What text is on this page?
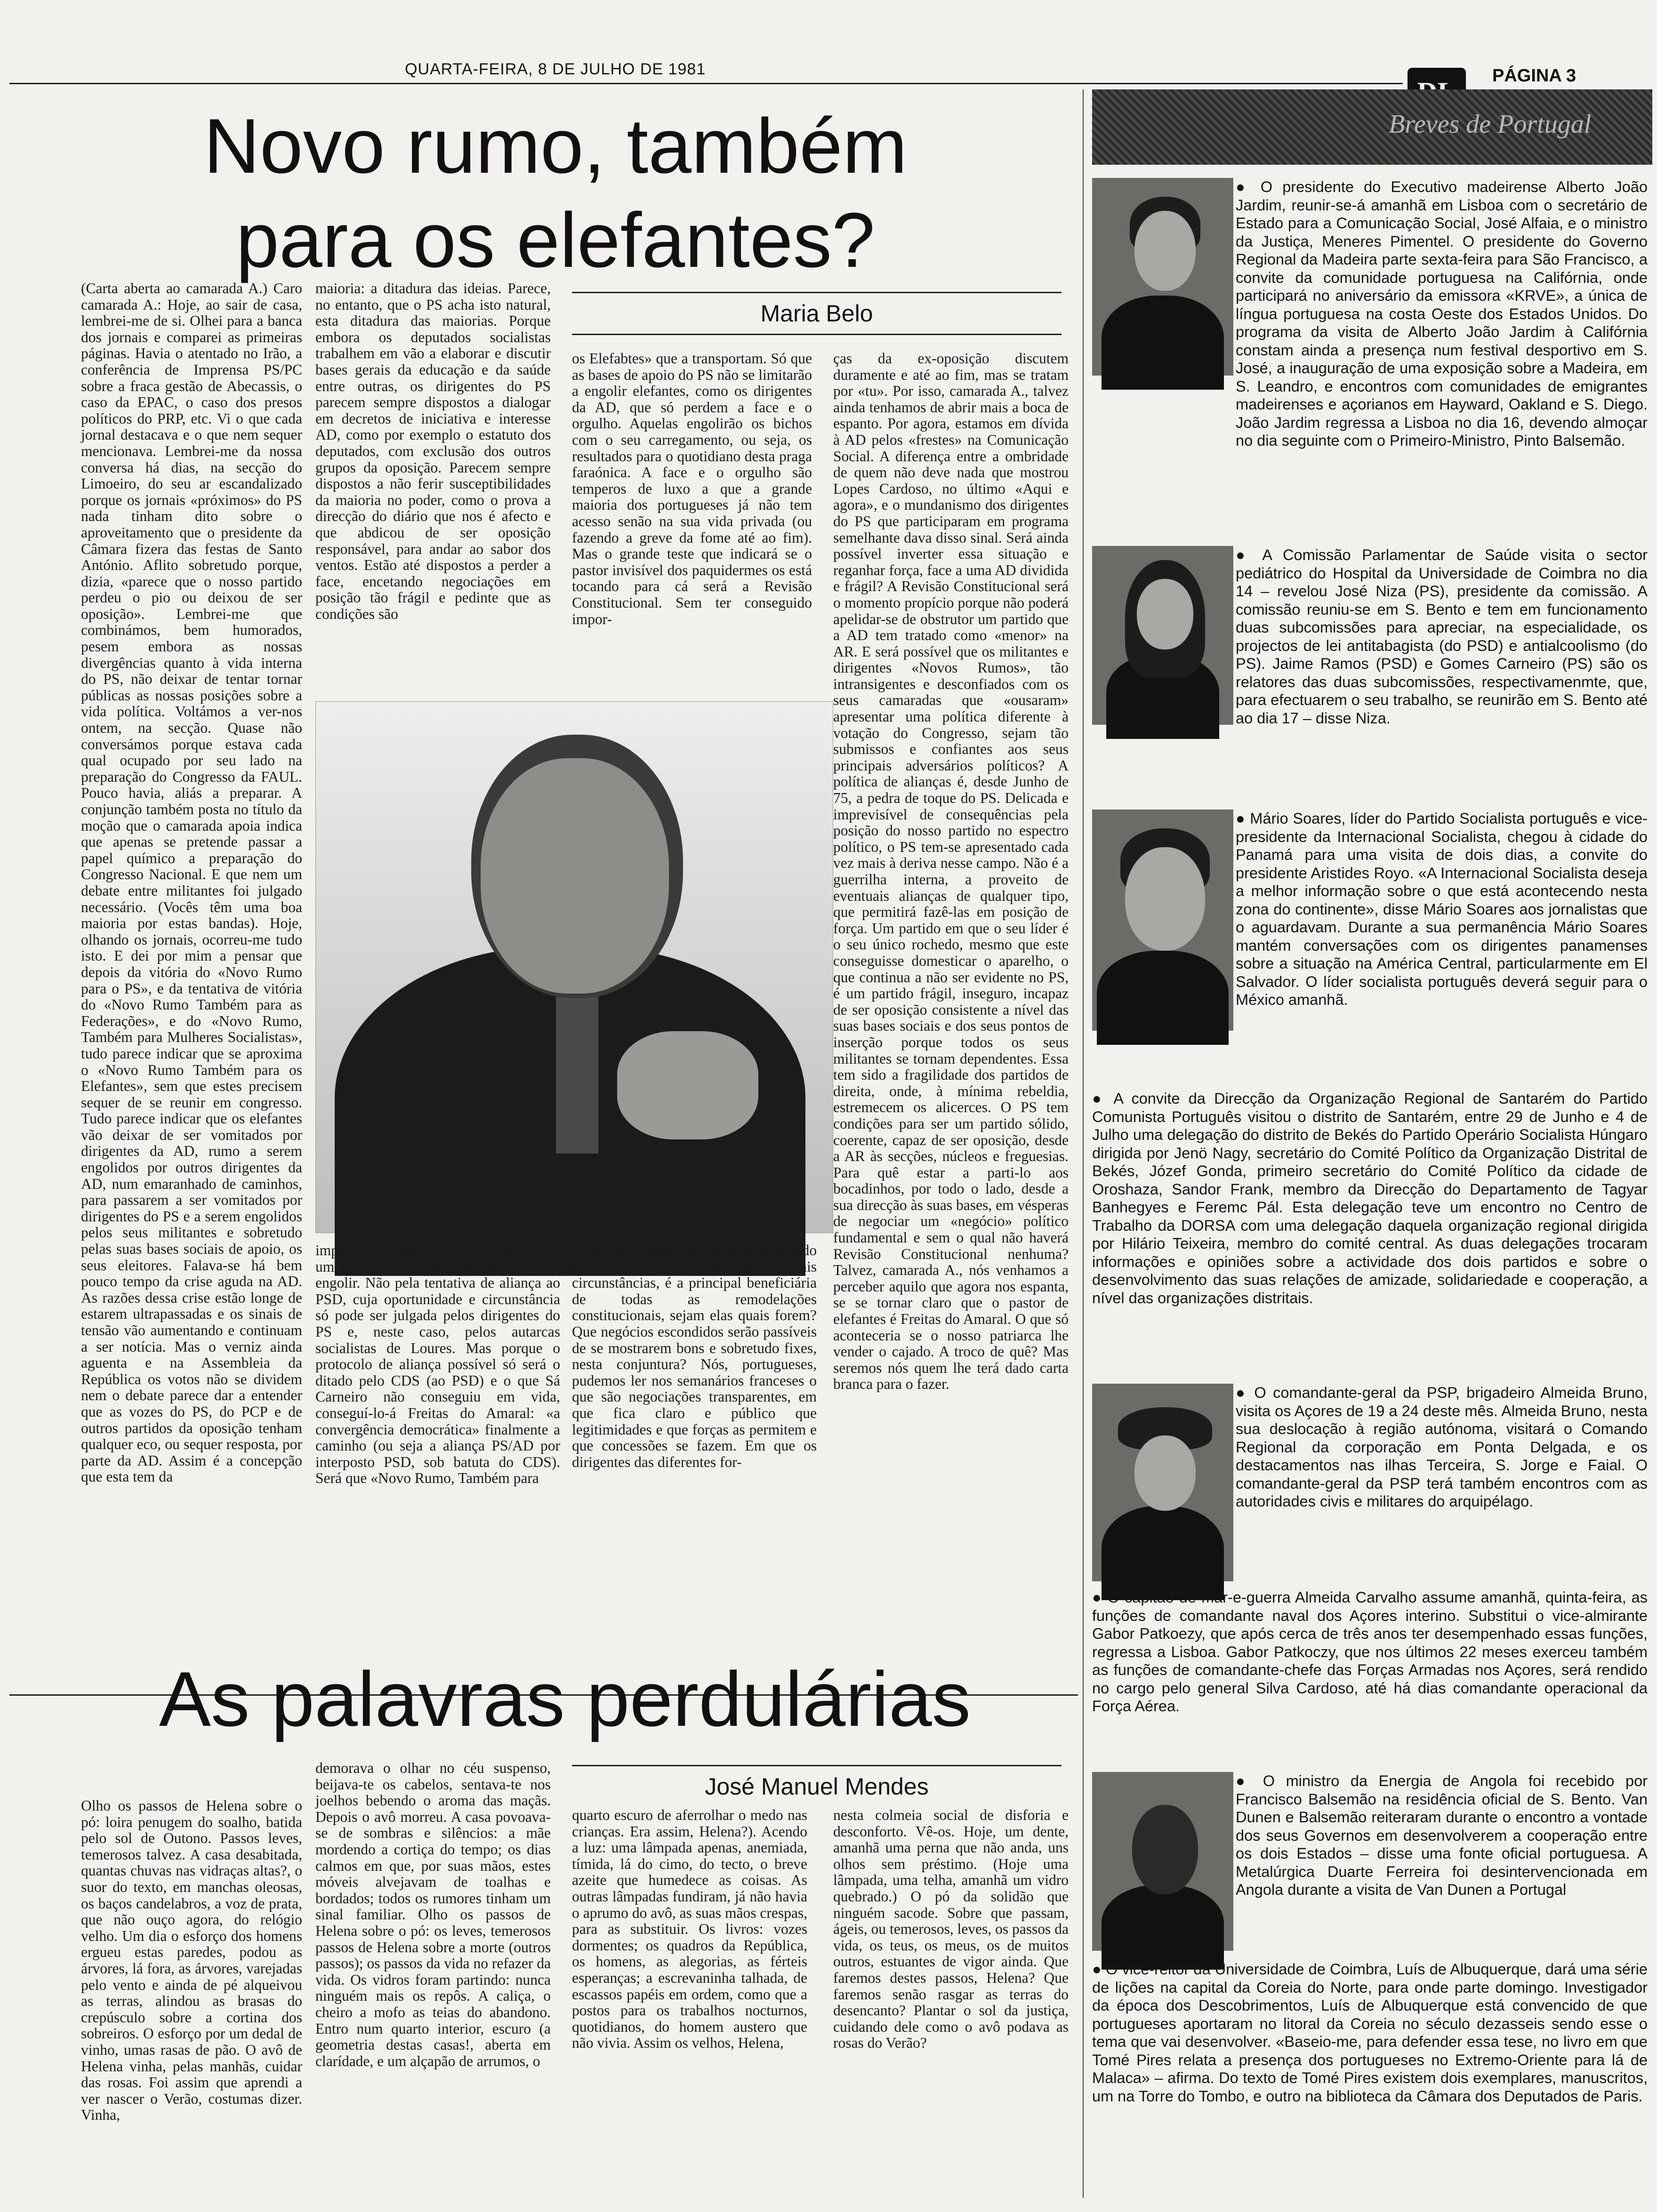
QUARTA-FEIRA, 8 DE JULHO DE 1981	PÁGINA 3
Novo rumo, também
para os elefantes?
Maria Belo

(Carta aberta ao camarada A.) Caro camarada A.: Hoje, ao sair de casa, lembrei-me de si. Olhei para a banca dos jornais e comparei as primeiras páginas. Havia o atentado no Irão, a conferência de Imprensa PS/PC sobre a fraca gestão de Abecassis, o caso da EPAC, o caso dos presos políticos do PRP, etc. Vi o que cada jornal destacava e o que nem sequer mencionava. Lembrei-me da nossa conversa há dias, na secção do Limoeiro, do seu ar escandalizado porque os jornais «próximos» do PS nada tinham dito sobre o aproveitamento que o presidente da Câmara fizera das festas de Santo António. Aflito sobretudo porque, dizia, «parece que o nosso partido perdeu o pio ou deixou de ser oposição». Lembrei-me que combinámos, bem humorados, pesem embora as nossas divergências quanto à vida interna do PS, não deixar de tentar tornar públicas as nossas posições sobre a vida política. Voltámos a ver-nos ontem, na secção. Quase não conversámos porque estava cada qual ocupado por seu lado na preparação do Congresso da FAUL. Pouco havia, aliás a preparar. A conjunção também posta no título da moção que o camarada apoia indica que apenas se pretende passar a papel químico a preparação do Congresso Nacional. E que nem um debate entre militantes foi julgado necessário. (Vocês têm uma boa maioria por estas bandas). Hoje, olhando os jornais, ocorreu-me tudo isto. E dei por mim a pensar que depois da vitória do «Novo Rumo para o PS», e da tentativa de vitória do «Novo Rumo Também para as Federações», e do «Novo Rumo, Também para Mulheres Socialistas», tudo parece indicar que se aproxima o «Novo Rumo Também para os Elefantes», sem que estes precisem sequer de se reunir em congresso. Tudo parece indicar que os elefantes vão deixar de ser vomitados por dirigentes da AD, rumo a serem engolidos por outros dirigentes da AD, num emaranhado de caminhos, para passarem a ser vomitados por dirigentes do PS e a serem engolidos pelos seus militantes e sobretudo pelas suas bases sociais de apoio, os seus eleitores. Falava-se há bem pouco tempo da crise aguda na AD. As razões dessa crise estão longe de estarem ultrapassadas e os sinais de tensão vão aumentando e continuam a ser notícia. Mas o verniz ainda aguenta e na Assembleia da República os votos não se dividem nem o debate parece dar a entender que as vozes do PS, do PCP e de outros partidos da oposição tenham qualquer eco, ou sequer resposta, por parte da AD. Assim é a concepção que esta tem da

maioria: a ditadura das ideias. Parece, no entanto, que o PS acha isto natural, esta ditadura das maiorias. Porque embora os deputados socialistas trabalhem em vão a elaborar e discutir bases gerais da educação e da saúde entre outras, os dirigentes do PS parecem sempre dispostos a dialogar em decretos de iniciativa e interesse AD, como por exemplo o estatuto dos deputados, com exclusão dos outros grupos da oposição. Parecem sempre dispostos a não ferir susceptibilidades da maioria no poder, como o prova a direcção do diário que nos é afecto e que abdicou de ser oposição responsável, para andar ao sabor dos ventos. Estão até dispostos a perder a face, encetando negociações em posição tão frágil e pedinte que as condições são

os Elefabtes» que a transportam. Só que as bases de apoio do PS não se limitarão a engolir elefantes, como os dirigentes da AD, que só perdem a face e o orgulho. Aquelas engolirão os bichos com o seu carregamento, ou seja, os resultados para o quotidiano desta praga faraónica. A face e o orgulho são temperos de luxo a que a grande maioria dos portugueses já não tem acesso senão na sua vida privada (ou fazendo a greve da fome até ao fim). Mas o grande teste que indicará se o pastor invisível dos paquidermes os está tocando para cá será a Revisão Constitucional. Sem ter conseguido impor-

ças da ex-oposição discutem duramente e até ao fim, mas se tratam por «tu». Por isso, camarada A., talvez ainda tenhamos de abrir mais a boca de espanto. Por agora, estamos em dívida à AD pelos «frestes» na Comunicação Social. A diferença entre a ombridade de quem não deve nada que mostrou Lopes Cardoso, no último «Aqui e agora», e o mundanismo dos dirigentes do PS que participaram em programa semelhante dava disso sinal. Será ainda possível inverter essa situação e reganhar força, face a uma AD dividida e frágil? A Revisão Constitucional será o momento propício porque não poderá apelidar-se de obstrutor um partido que a AD tem tratado como «menor» na AR. E será possível que os militantes e dirigentes «Novos Rumos», tão intransigentes e desconfiados com os seus camaradas que «ousaram» apresentar uma política diferente à votação do Congresso, sejam tão submissos e confiantes aos seus principais adversários políticos? A política de alianças é, desde Junho de 75, a pedra de toque do PS. Delicada e imprevisível de consequências pela posição do nosso partido no espectro político, o PS tem-se apresentado cada vez mais à deriva nesse campo. Não é a guerrilha interna, a proveito de eventuais alianças de qualquer tipo, que permitirá fazê-las em posição de força. Um partido em que o seu líder é o seu único rochedo, mesmo que este conseguisse domesticar o aparelho, o que continua a não ser evidente no PS, é um partido frágil, inseguro, incapaz de ser oposição consistente a nível das suas bases sociais e dos seus pontos de inserção porque todos os seus militantes se tornam dependentes. Essa tem sido a fragilidade dos partidos de direita, onde, à mínima rebeldia, estremecem os alicerces. O PS tem condições para ser um partido sólido, coerente, capaz de ser oposição, desde a AR às secções, núcleos e freguesias. Para quê estar a parti-lo aos bocadinhos, por todo o lado, desde a sua direcção às suas bases, em vésperas de negociar um «negócio» político fundamental e sem o qual não haverá Revisão Constitucional nenhuma? Talvez, camarada A., nós venhamos a perceber aquilo que agora nos espanta, se se tornar claro que o pastor de elefantes é Freitas do Amaral. O que só aconteceria se o nosso patriarca lhe vender o cajado. A troco de quê? Mas seremos nós quem lhe terá dado carta branca para o fazer.

impostas pelo adversário. Louros será um dos primeiros elefantes que vamos engolir. Não pela tentativa de aliança ao PSD, cuja oportunidade e circunstância só pode ser julgada pelos dirigentes do PS e, neste caso, pelos autarcas socialistas de Loures. Mas porque o protocolo de aliança possível só será o ditado pelo CDS (ao PSD) e o que Sá Carneiro não conseguiu em vida, conseguí-lo-á Freitas do Amaral: «a convergência democrática» finalmente a caminho (ou seja a aliança PS/AD por interposto PSD, sob batuta do CDS). Será que «Novo Rumo, Também para

-se, até agora, à AD irão os dirigentes do PS negociar com ela, que, nas actuais circunstâncias, é a principal beneficiária de todas as remodelações constitucionais, sejam elas quais forem? Que negócios escondidos serão passíveis de se mostrarem bons e sobretudo fixes, nesta conjuntura? Nós, portugueses, pudemos ler nos semanários franceses o que são negociações transparentes, em que fica claro e público que legitimidades e que forças as permitem e que concessões se fazem. Em que os dirigentes das diferentes for-

As palavras perdulárias
José Manuel Mendes

Olho os passos de Helena sobre o pó: loira penugem do soalho, batida pelo sol de Outono. Passos leves, temerosos talvez. A casa desabitada, quantas chuvas nas vidraças altas?, o suor do texto, em manchas oleosas, os baços candelabros, a voz de prata, que não ouço agora, do relógio velho. Um dia o esforço dos homens ergueu estas paredes, podou as árvores, lá fora, as árvores, varejadas pelo vento e ainda de pé alqueivou as terras, alindou as brasas do crepúsculo sobre a cortina dos sobreiros. O esforço por um dedal de vinho, umas rasas de pão. O avô de Helena vinha, pelas manhãs, cuidar das rosas. Foi assim que aprendi a ver nascer o Verão, costumas dizer. Vinha,

demorava o olhar no céu suspenso, beijava-te os cabelos, sentava-te nos joelhos bebendo o aroma das maçãs. Depois o avô morreu. A casa povoava-se de sombras e silêncios: a mãe mordendo a cortiça do tempo; os dias calmos em que, por suas mãos, estes móveis alvejavam de toalhas e bordados; todos os rumores tinham um sinal familiar. Olho os passos de Helena sobre o pó: os leves, temerosos passos de Helena sobre a morte (outros passos); os passos da vida no refazer da vida. Os vidros foram partindo: nunca ninguém mais os repôs. A caliça, o cheiro a mofo as teias do abandono. Entro num quarto interior, escuro (a geometria destas casas!, aberta em clarídade, e um alçapão de arrumos, o

quarto escuro de aferrolhar o medo nas crianças. Era assim, Helena?). Acendo a luz: uma lâmpada apenas, anemiada, tímida, lá do cimo, do tecto, o breve azeite que humedece as coisas. As outras lâmpadas fundiram, já não havia o aprumo do avô, as suas mãos crespas, para as substituir. Os livros: vozes dormentes; os quadros da República, os homens, as alegorias, as férteis esperanças; a escrevaninha talhada, de escassos papéis em ordem, como que a postos para os trabalhos nocturnos, quotidianos, do homem austero que não vivia. Assim os velhos, Helena,

nesta colmeia social de disforia e desconforto. Vê-os. Hoje, um dente, amanhã uma perna que não anda, uns olhos sem préstimo. (Hoje uma lâmpada, uma telha, amanhã um vidro quebrado.) O pó da solidão que ninguém sacode. Sobre que passam, ágeis, ou temerosos, leves, os passos da vida, os teus, os meus, os de muitos outros, estuantes de vigor ainda. Que faremos destes passos, Helena? Que faremos senão rasgar as terras do desencanto? Plantar o sol da justiça, cuidando dele como o avô podava as rosas do Verão?

Breves de Portugal
● O presidente do Executivo madeirense Alberto João Jardim, reunir-se-á amanhã em Lisboa com o secretário de Estado para a Comunicação Social, José Alfaia, e o ministro da Justiça, Meneres Pimentel. O presidente do Governo Regional da Madeira parte sexta-feira para São Francisco, a convite da comunidade portuguesa na Califórnia, onde participará no aniversário da emissora «KRVE», a única de língua portuguesa na costa Oeste dos Estados Unidos. Do programa da visita de Alberto João Jardim à Califórnia constam ainda a presença num festival desportivo em S. José, a inauguração de uma exposição sobre a Madeira, em S. Leandro, e encontros com comunidades de emigrantes madeirenses e açorianos em Hayward, Oakland e S. Diego. João Jardim regressa a Lisboa no dia 16, devendo almoçar no dia seguinte com o Primeiro-Ministro, Pinto Balsemão.
● A Comissão Parlamentar de Saúde visita o sector pediátrico do Hospital da Universidade de Coimbra no dia 14 – revelou José Niza (PS), presidente da comissão. A comissão reuniu-se em S. Bento e tem em funcionamento duas subcomissões para apreciar, na especialidade, os projectos de lei antitabagista (do PSD) e antialcoolismo (do PS). Jaime Ramos (PSD) e Gomes Carneiro (PS) são os relatores das duas subcomissões, respectivamenmte, que, para efectuarem o seu trabalho, se reunirão em S. Bento até ao dia 17 – disse Niza.
● Mário Soares, líder do Partido Socialista português e vice-presidente da Internacional Socialista, chegou à cidade do Panamá para uma visita de dois dias, a convite do presidente Aristides Royo. «A Internacional Socialista deseja a melhor informação sobre o que está acontecendo nesta zona do continente», disse Mário Soares aos jornalistas que o aguardavam. Durante a sua permanência Mário Soares mantém conversações com os dirigentes panamenses sobre a situação na América Central, particularmente em El Salvador. O líder socialista português deverá seguir para o México amanhã.
● A convite da Direcção da Organização Regional de Santarém do Partido Comunista Português visitou o distrito de Santarém, entre 29 de Junho e 4 de Julho uma delegação do distrito de Bekés do Partido Operário Socialista Húngaro dirigida por Jenö Nagy, secretário do Comité Político da Organização Distrital de Bekés, Józef Gonda, primeiro secretário do Comité Político da cidade de Oroshaza, Sandor Frank, membro da Direcção do Departamento de Tagyar Banhegyes e Feremc Pál. Esta delegação teve um encontro no Centro de Trabalho da DORSA com uma delegação daquela organização regional dirigida por Hilário Teixeira, membro do comité central. As duas delegações trocaram informações e opiniões sobre a actividade dos dois partidos e sobre o desenvolvimento das suas relações de amizade, solidariedade e cooperação, a nível das organizações distritais.
● O comandante-geral da PSP, brigadeiro Almeida Bruno, visita os Açores de 19 a 24 deste mês. Almeida Bruno, nesta sua deslocação à região autónoma, visitará o Comando Regional da corporação em Ponta Delgada, e os destacamentos nas ilhas Terceira, S. Jorge e Faial. O comandante-geral da PSP terá também encontros com as autoridades civis e militares do arquipélago.
● O capitão de mar-e-guerra Almeida Carvalho assume amanhã, quinta-feira, as funções de comandante naval dos Açores interino. Substitui o vice-almirante Gabor Patkoezy, que após cerca de três anos ter desempenhado essas funções, regressa a Lisboa. Gabor Patkoczy, que nos últimos 22 meses exerceu também as funções de comandante-chefe das Forças Armadas nos Açores, será rendido no cargo pelo general Silva Cardoso, até há dias comandante operacional da Força Aérea.
● O ministro da Energia de Angola foi recebido por Francisco Balsemão na residência oficial de S. Bento. Van Dunen e Balsemão reiteraram durante o encontro a vontade dos seus Governos em desenvolverem a cooperação entre os dois Estados – disse uma fonte oficial portuguesa. A Metalúrgica Duarte Ferreira foi desintervencionada em Angola durante a visita de Van Dunen a Portugal
● O vice-reitor da Universidade de Coimbra, Luís de Albuquerque, dará uma série de lições na capital da Coreia do Norte, para onde parte domingo. Investigador da época dos Descobrimentos, Luís de Albuquerque está convencido de que portugueses aportaram no litoral da Coreia no século dezasseis sendo esse o tema que vai desenvolver. «Baseio-me, para defender essa tese, no livro em que Tomé Pires relata a presença dos portugueses no Extremo-Oriente para lá de Malaca» – afirma. Do texto de Tomé Pires existem dois exemplares, manuscritos, um na Torre do Tombo, e outro na biblioteca da Câmara dos Deputados de Paris.
